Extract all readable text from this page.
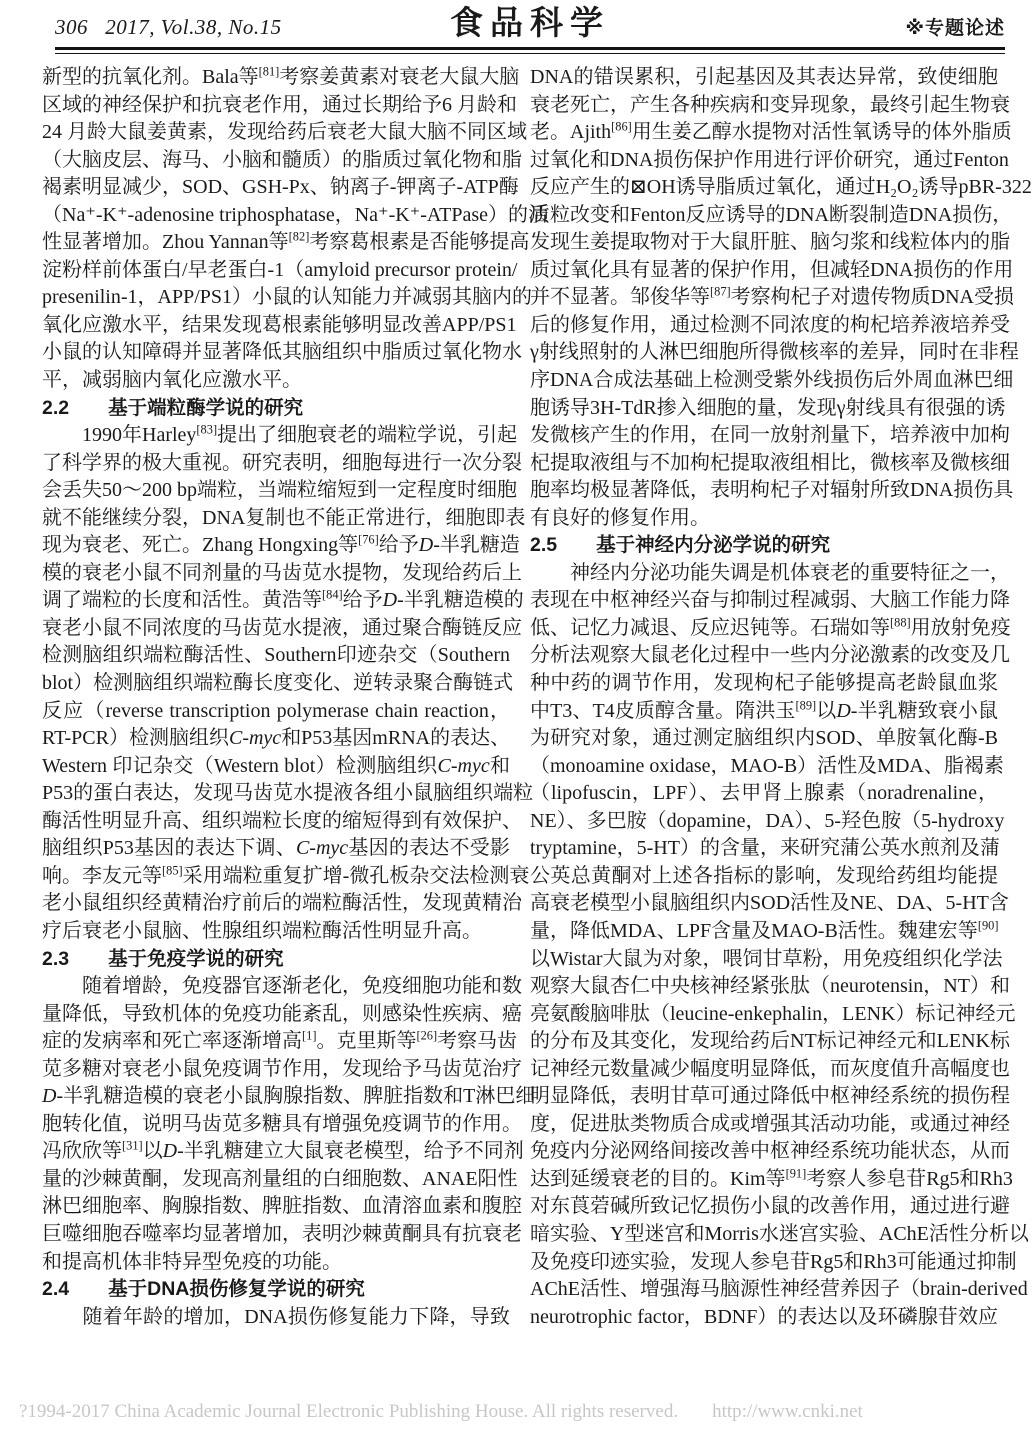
306   2017, Vol.38, No.15	食品科学	※专题论述
新型的抗氧化剂。Bala等[81]考察姜黄素对衰老大鼠大脑
区域的神经保护和抗衰老作用，通过长期给予6 月龄和
24 月龄大鼠姜黄素，发现给药后衰老大鼠大脑不同区域
（大脑皮层、海马、小脑和髓质）的脂质过氧化物和脂
褐素明显减少，SOD、GSH-Px、钠离子-钾离子-ATP酶
（Na⁺-K⁺-adenosine triphosphatase，Na⁺-K⁺-ATPase）的活
性显著增加。Zhou Yannan等[82]考察葛根素是否能够提高
淀粉样前体蛋白/早老蛋白-1（amyloid precursor protein/
presenilin-1，APP/PS1）小鼠的认知能力并减弱其脑内的
氧化应激水平，结果发现葛根素能够明显改善APP/PS1
小鼠的认知障碍并显著降低其脑组织中脂质过氧化物水
平，减弱脑内氧化应激水平。
2.2　　基于端粒酶学说的研究
　　1990年Harley[83]提出了细胞衰老的端粒学说，引起
了科学界的极大重视。研究表明，细胞每进行一次分裂
会丢失50～200 bp端粒，当端粒缩短到一定程度时细胞
就不能继续分裂，DNA复制也不能正常进行，细胞即表
现为衰老、死亡。Zhang Hongxing等[76]给予D-半乳糖造
模的衰老小鼠不同剂量的马齿苋水提物，发现给药后上
调了端粒的长度和活性。黄浩等[84]给予D-半乳糖造模的
衰老小鼠不同浓度的马齿苋水提液，通过聚合酶链反应
检测脑组织端粒酶活性、Southern印迹杂交（Southern
blot）检测脑组织端粒酶长度变化、逆转录聚合酶链式
反应（reverse transcription polymerase chain reaction，
RT-PCR）检测脑组织C-myc和P53基因mRNA的表达、
Western 印记杂交（Western blot）检测脑组织C-myc和
P53的蛋白表达，发现马齿苋水提液各组小鼠脑组织端粒
酶活性明显升高、组织端粒长度的缩短得到有效保护、
脑组织P53基因的表达下调、C-myc基因的表达不受影
响。李友元等[85]采用端粒重复扩增-微孔板杂交法检测衰
老小鼠组织经黄精治疗前后的端粒酶活性，发现黄精治
疗后衰老小鼠脑、性腺组织端粒酶活性明显升高。
2.3　　基于免疫学说的研究
　　随着增龄，免疫器官逐渐老化，免疫细胞功能和数
量降低，导致机体的免疫功能紊乱，则感染性疾病、癌
症的发病率和死亡率逐渐增高[1]。克里斯等[26]考察马齿
苋多糖对衰老小鼠免疫调节作用，发现给予马齿苋治疗
D-半乳糖造模的衰老小鼠胸腺指数、脾脏指数和T淋巴细
胞转化值，说明马齿苋多糖具有增强免疫调节的作用。
冯欣欣等[31]以D-半乳糖建立大鼠衰老模型，给予不同剂
量的沙棘黄酮，发现高剂量组的白细胞数、ANAE阳性
淋巴细胞率、胸腺指数、脾脏指数、血清溶血素和腹腔
巨噬细胞吞噬率均显著增加，表明沙棘黄酮具有抗衰老
和提高机体非特异型免疫的功能。
2.4　　基于DNA损伤修复学说的研究
　　随着年龄的增加，DNA损伤修复能力下降，导致
DNA的错误累积，引起基因及其表达异常，致使细胞
衰老死亡，产生各种疾病和变异现象，最终引起生物衰
老。Ajith[86]用生姜乙醇水提物对活性氧诱导的体外脂质
过氧化和DNA损伤保护作用进行评价研究，通过Fenton
反应产生的⊠OH诱导脂质过氧化，通过H₂O₂诱导pBR-322
质粒改变和Fenton反应诱导的DNA断裂制造DNA损伤，
发现生姜提取物对于大鼠肝脏、脑匀浆和线粒体内的脂
质过氧化具有显著的保护作用，但减轻DNA损伤的作用
并不显著。邹俊华等[87]考察枸杞子对遗传物质DNA受损
后的修复作用，通过检测不同浓度的枸杞培养液培养受
γ射线照射的人淋巴细胞所得微核率的差异，同时在非程
序DNA合成法基础上检测受紫外线损伤后外周血淋巴细
胞诱导3H-TdR掺入细胞的量，发现γ射线具有很强的诱
发微核产生的作用，在同一放射剂量下，培养液中加枸
杞提取液组与不加枸杞提取液组相比，微核率及微核细
胞率均极显著降低，表明枸杞子对辐射所致DNA损伤具
有良好的修复作用。
2.5　　基于神经内分泌学说的研究
　　神经内分泌功能失调是机体衰老的重要特征之一，
表现在中枢神经兴奋与抑制过程减弱、大脑工作能力降
低、记忆力减退、反应迟钝等。石瑞如等[88]用放射免疫
分析法观察大鼠老化过程中一些内分泌激素的改变及几
种中药的调节作用，发现枸杞子能够提高老龄鼠血浆
中T3、T4皮质醇含量。隋洪玉[89]以D-半乳糖致衰小鼠
为研究对象，通过测定脑组织内SOD、单胺氧化酶-B
（monoamine oxidase，MAO-B）活性及MDA、脂褐素
（lipofuscin，LPF）、去甲肾上腺素（noradrenaline，
NE）、多巴胺（dopamine，DA）、5-羟色胺（5-hydroxy
tryptamine，5-HT）的含量，来研究蒲公英水煎剂及蒲
公英总黄酮对上述各指标的影响，发现给药组均能提
高衰老模型小鼠脑组织内SOD活性及NE、DA、5-HT含
量，降低MDA、LPF含量及MAO-B活性。魏建宏等[90]
以Wistar大鼠为对象，喂饲甘草粉，用免疫组织化学法
观察大鼠杏仁中央核神经紧张肽（neurotensin，NT）和
亮氨酸脑啡肽（leucine-enkephalin，LENK）标记神经元
的分布及其变化，发现给药后NT标记神经元和LENK标
记神经元数量减少幅度明显降低，而灰度值升高幅度也
明显降低，表明甘草可通过降低中枢神经系统的损伤程
度，促进肽类物质合成或增强其活动功能，或通过神经
免疫内分泌网络间接改善中枢神经系统功能状态，从而
达到延缓衰老的目的。Kim等[91]考察人参皂苷Rg5和Rh3
对东莨菪碱所致记忆损伤小鼠的改善作用，通过进行避
暗实验、Y型迷宫和Morris水迷宫实验、AChE活性分析以
及免疫印迹实验，发现人参皂苷Rg5和Rh3可能通过抑制
AChE活性、增强海马脑源性神经营养因子（brain-derived
neurotrophic factor，BDNF）的表达以及环磷腺苷效应

?1994-2017 China Academic Journal Electronic Publishing House. All rights reserved. http://www.cnki.net
